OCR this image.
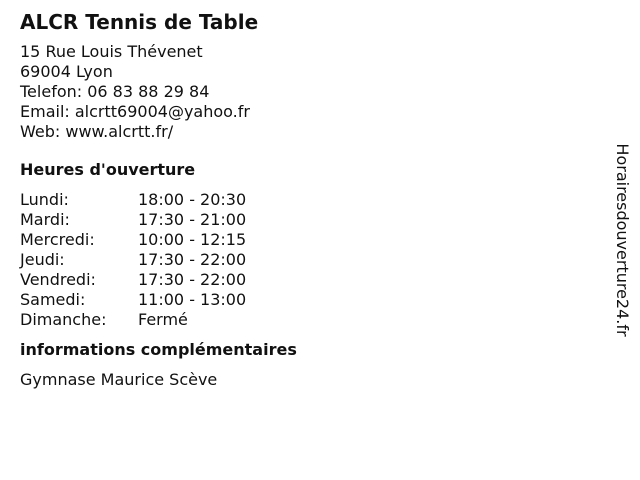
ALCR Tennis de Table
15 Rue Louis Thévenet
69004 Lyon
Telefon: 06 83 88 29 84
Email: alcrtt69004@yahoo.fr
Web: www.alcrtt.fr/
Heures d'ouverture
Lundi:	18:00 - 20:30
Mardi:	17:30 - 21:00
Mercredi:	10:00 - 12:15
Jeudi:	17:30 - 22:00
Vendredi:	17:30 - 22:00
Samedi:	11:00 - 13:00
Dimanche:	Fermé
informations complémentaires
Gymnase Maurice Scève
Horairesdouverture24.fr
